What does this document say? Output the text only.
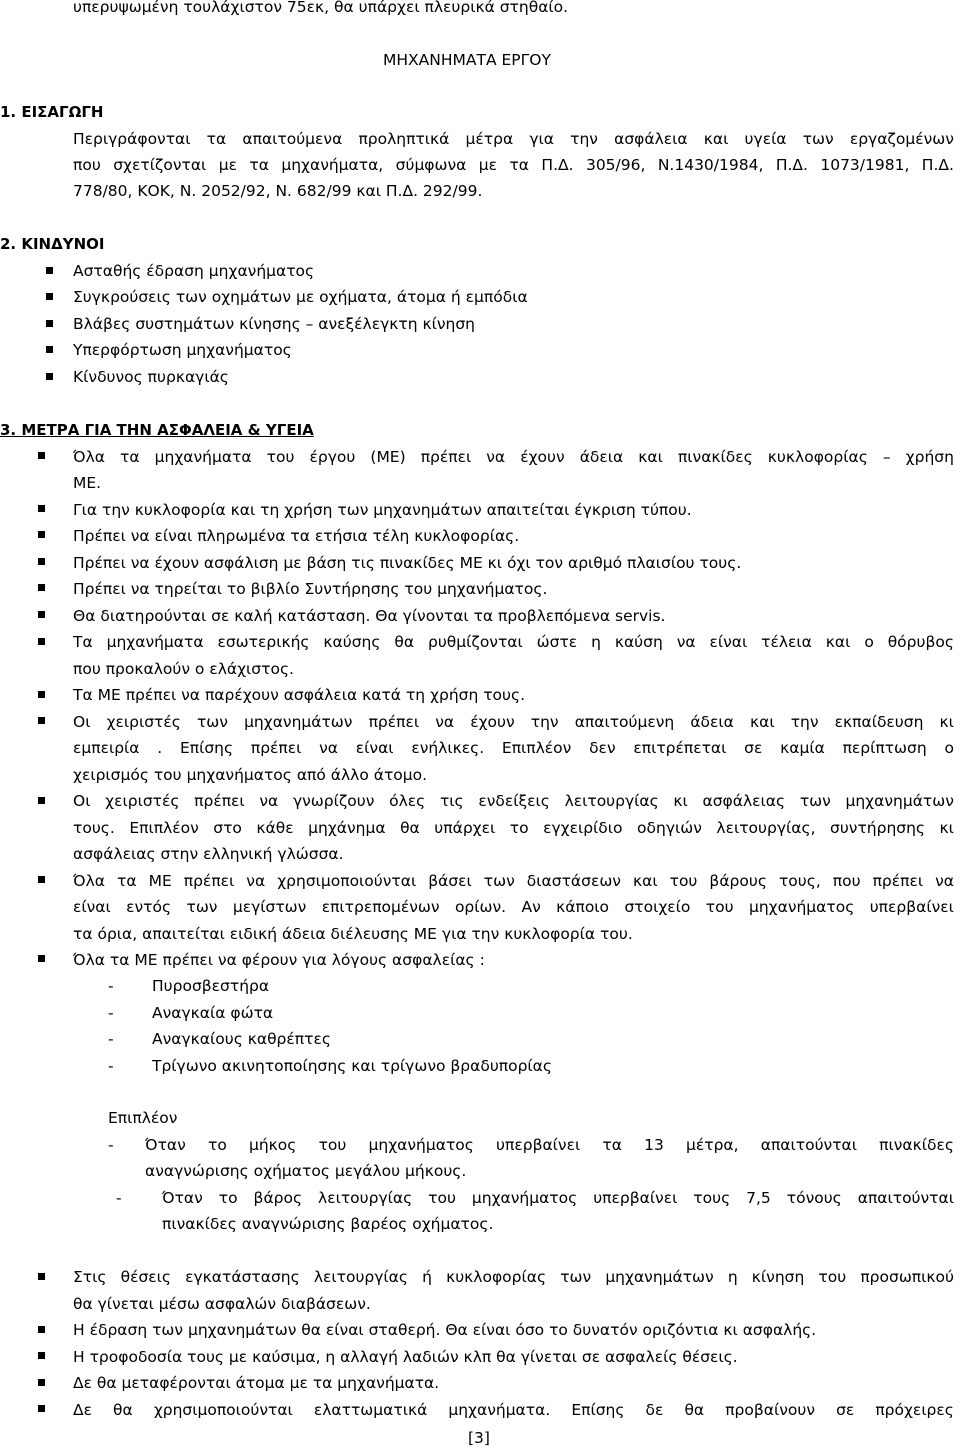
υπερυψωμένη τουλάχιστον 75εκ, θα υπάρχει πλευρικά στηθαίο.
ΜΗΧΑΝΗΜΑΤΑ ΕΡΓΟΥ
1. ΕΙΣΑΓΩΓΗ
Περιγράφονται τα απαιτούμενα προληπτικά μέτρα για την ασφάλεια και υγεία των εργαζομένων
που σχετίζονται με τα μηχανήματα, σύμφωνα με τα Π.Δ. 305/96, Ν.1430/1984, Π.Δ. 1073/1981, Π.Δ.
778/80, ΚΟΚ, Ν. 2052/92, Ν. 682/99 και Π.Δ. 292/99.
2. ΚΙΝΔΥΝΟΙ
Ασταθής έδραση μηχανήματος
Συγκρούσεις των οχημάτων με οχήματα, άτομα ή εμπόδια
Βλάβες συστημάτων κίνησης – ανεξέλεγκτη κίνηση
Υπερφόρτωση μηχανήματος
Κίνδυνος πυρκαγιάς
3. ΜΕΤΡΑ ΓΙΑ ΤΗΝ ΑΣΦΑΛΕΙΑ & ΥΓΕΙΑ
Όλα τα μηχανήματα του έργου (ΜΕ) πρέπει να έχουν άδεια και πινακίδες κυκλοφορίας – χρήση
ΜΕ.
Για την κυκλοφορία και τη χρήση των μηχανημάτων απαιτείται έγκριση τύπου.
Πρέπει να είναι πληρωμένα τα ετήσια τέλη κυκλοφορίας.
Πρέπει να έχουν ασφάλιση με βάση τις πινακίδες ΜΕ κι όχι τον αριθμό πλαισίου τους.
Πρέπει να τηρείται το βιβλίο Συντήρησης του μηχανήματος.
Θα διατηρούνται σε καλή κατάσταση. Θα γίνονται τα προβλεπόμενα servis.
Τα μηχανήματα εσωτερικής καύσης θα ρυθμίζονται ώστε η καύση να είναι τέλεια και ο θόρυβος
που προκαλούν ο ελάχιστος.
Τα ΜΕ πρέπει να παρέχουν ασφάλεια κατά τη χρήση τους.
Οι χειριστές των μηχανημάτων πρέπει να έχουν την απαιτούμενη άδεια και την εκπαίδευση κι
εμπειρία . Επίσης πρέπει να είναι ενήλικες. Επιπλέον δεν επιτρέπεται σε καμία περίπτωση ο
χειρισμός του μηχανήματος από άλλο άτομο.
Οι χειριστές πρέπει να γνωρίζουν όλες τις ενδείξεις λειτουργίας κι ασφάλειας των μηχανημάτων
τους. Επιπλέον στο κάθε μηχάνημα θα υπάρχει το εγχειρίδιο οδηγιών λειτουργίας, συντήρησης κι
ασφάλειας στην ελληνική γλώσσα.
Όλα τα ΜΕ πρέπει να χρησιμοποιούνται βάσει των διαστάσεων και του βάρους τους, που πρέπει να
είναι εντός των μεγίστων επιτρεπομένων ορίων. Αν κάποιο στοιχείο του μηχανήματος υπερβαίνει
τα όρια, απαιτείται ειδική άδεια διέλευσης ΜΕ για την κυκλοφορία του.
Όλα τα ΜΕ πρέπει να φέρουν για λόγους ασφαλείας :
- Πυροσβεστήρα
- Αναγκαία φώτα
- Αναγκαίους καθρέπτες
- Τρίγωνο ακινητοποίησης και τρίγωνο βραδυπορίας
Επιπλέον
- Όταν το μήκος του μηχανήματος υπερβαίνει τα 13 μέτρα, απαιτούνται πινακίδες
αναγνώρισης οχήματος μεγάλου μήκους.
-	Όταν το βάρος λειτουργίας του μηχανήματος υπερβαίνει τους 7,5 τόνους απαιτούνται
πινακίδες αναγνώρισης βαρέος οχήματος.
Στις θέσεις εγκατάστασης λειτουργίας ή κυκλοφορίας των μηχανημάτων η κίνηση του προσωπικού
θα γίνεται μέσω ασφαλών διαβάσεων.
Η έδραση των μηχανημάτων θα είναι σταθερή. Θα είναι όσο το δυνατόν οριζόντια κι ασφαλής.
Η τροφοδοσία τους με καύσιμα, η αλλαγή λαδιών κλπ θα γίνεται σε ασφαλείς θέσεις.
Δε θα μεταφέρονται άτομα με τα μηχανήματα.
Δε θα χρησιμοποιούνται ελαττωματικά μηχανήματα. Επίσης δε θα προβαίνουν σε πρόχειρες
[3]
